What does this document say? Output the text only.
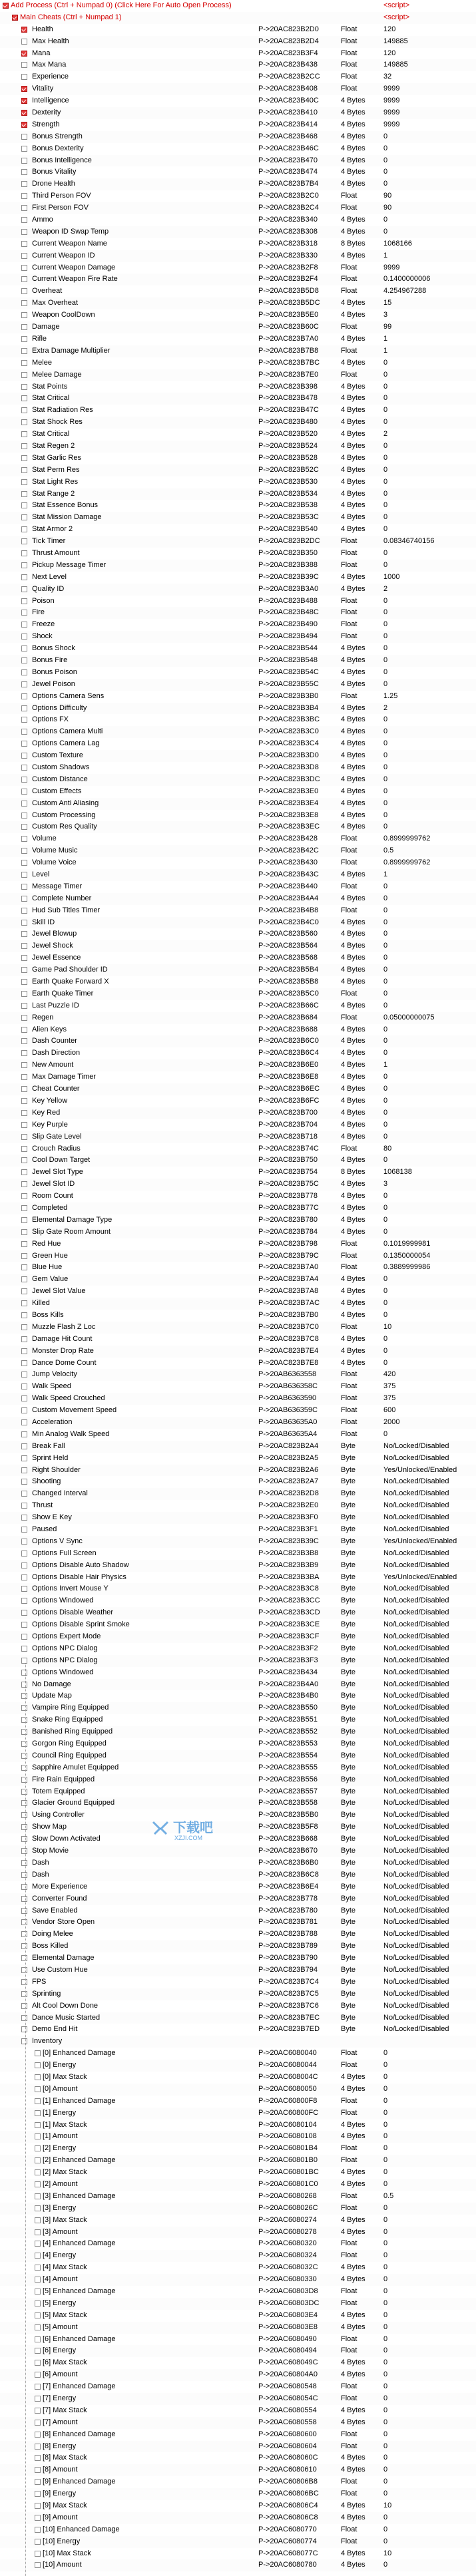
Add Process (Ctrl + Numpad 0) (Click Here For Auto Open Process)	<script>
Main Cheats (Ctrl + Numpad 1)	<script>
Health	P->20AC823B2D0	Float	120
Max Health	P->20AC823B2D4	Float	149885
Mana	P->20AC823B3F4	Float	120
Max Mana	P->20AC823B438	Float	149885
Experience	P->20AC823B2CC	Float	32
Vitality	P->20AC823B408	Float	9999
Intelligence	P->20AC823B40C	4 Bytes	9999
Dexterity	P->20AC823B410	4 Bytes	9999
Strength	P->20AC823B414	4 Bytes	9999
Bonus Strength	P->20AC823B468	4 Bytes	0
Bonus Dexterity	P->20AC823B46C	4 Bytes	0
Bonus Intelligence	P->20AC823B470	4 Bytes	0
Bonus Vitality	P->20AC823B474	4 Bytes	0
Drone Health	P->20AC823B7B4	4 Bytes	0
Third Person FOV	P->20AC823B2C0	Float	90
First Person FOV	P->20AC823B2C4	Float	90
Ammo	P->20AC823B340	4 Bytes	0
Weapon ID Swap Temp	P->20AC823B308	4 Bytes	0
Current Weapon Name	P->20AC823B318	8 Bytes	1068166
Current Weapon ID	P->20AC823B330	4 Bytes	1
Current Weapon Damage	P->20AC823B2F8	Float	9999
Current Weapon Fire Rate	P->20AC823B2F4	Float	0.1400000006
Overheat	P->20AC823B5D8	Float	4.254967288
Max Overheat	P->20AC823B5DC	4 Bytes	15
Weapon CoolDown	P->20AC823B5E0	4 Bytes	3
Damage	P->20AC823B60C	Float	99
Rifle	P->20AC823B7A0	4 Bytes	1
Extra Damage Multiplier	P->20AC823B7B8	Float	1
Melee	P->20AC823B7BC	4 Bytes	0
Melee Damage	P->20AC823B7E0	Float	0
Stat Points	P->20AC823B398	4 Bytes	0
Stat Critical	P->20AC823B478	4 Bytes	0
Stat Radiation Res	P->20AC823B47C	4 Bytes	0
Stat Shock Res	P->20AC823B480	4 Bytes	0
Stat Critical	P->20AC823B520	4 Bytes	2
Stat Regen 2	P->20AC823B524	4 Bytes	0
Stat Garlic Res	P->20AC823B528	4 Bytes	0
Stat Perm Res	P->20AC823B52C	4 Bytes	0
Stat Light Res	P->20AC823B530	4 Bytes	0
Stat Range 2	P->20AC823B534	4 Bytes	0
Stat Essence Bonus	P->20AC823B538	4 Bytes	0
Stat Mission Damage	P->20AC823B53C	4 Bytes	0
Stat Armor 2	P->20AC823B540	4 Bytes	0
Tick Timer	P->20AC823B2DC	Float	0.08346740156
Thrust Amount	P->20AC823B350	Float	0
Pickup Message Timer	P->20AC823B388	Float	0
Next Level	P->20AC823B39C	4 Bytes	1000
Quality ID	P->20AC823B3A0	4 Bytes	2
Poison	P->20AC823B488	Float	0
Fire	P->20AC823B48C	Float	0
Freeze	P->20AC823B490	Float	0
Shock	P->20AC823B494	Float	0
Bonus Shock	P->20AC823B544	4 Bytes	0
Bonus Fire	P->20AC823B548	4 Bytes	0
Bonus Poison	P->20AC823B54C	4 Bytes	0
Jewel Poison	P->20AC823B55C	4 Bytes	0
Options Camera Sens	P->20AC823B3B0	Float	1.25
Options Difficulty	P->20AC823B3B4	4 Bytes	2
Options FX	P->20AC823B3BC	4 Bytes	0
Options Camera Multi	P->20AC823B3C0	4 Bytes	0
Options Camera Lag	P->20AC823B3C4	4 Bytes	0
Custom Texture	P->20AC823B3D0	4 Bytes	0
Custom Shadows	P->20AC823B3D8	4 Bytes	0
Custom Distance	P->20AC823B3DC	4 Bytes	0
Custom Effects	P->20AC823B3E0	4 Bytes	0
Custom Anti Aliasing	P->20AC823B3E4	4 Bytes	0
Custom Processing	P->20AC823B3E8	4 Bytes	0
Custom Res Quality	P->20AC823B3EC	4 Bytes	0
Volume	P->20AC823B428	Float	0.8999999762
Volume Music	P->20AC823B42C	Float	0.5
Volume Voice	P->20AC823B430	Float	0.8999999762
Level	P->20AC823B43C	4 Bytes	1
Message Timer	P->20AC823B440	Float	0
Complete Number	P->20AC823B4A4	4 Bytes	0
Hud Sub Titles Timer	P->20AC823B4B8	Float	0
Skill ID	P->20AC823B4C0	4 Bytes	0
Jewel Blowup	P->20AC823B560	4 Bytes	0
Jewel Shock	P->20AC823B564	4 Bytes	0
Jewel Essence	P->20AC823B568	4 Bytes	0
Game Pad Shoulder ID	P->20AC823B5B4	4 Bytes	0
Earth Quake Forward X	P->20AC823B5B8	4 Bytes	0
Earth Quake Timer	P->20AC823B5C0	Float	0
Last Puzzle ID	P->20AC823B66C	4 Bytes	0
Regen	P->20AC823B684	Float	0.05000000075
Alien Keys	P->20AC823B688	4 Bytes	0
Dash Counter	P->20AC823B6C0	4 Bytes	0
Dash Direction	P->20AC823B6C4	4 Bytes	0
New Amount	P->20AC823B6E0	4 Bytes	1
Max Damage Timer	P->20AC823B6E8	4 Bytes	0
Cheat Counter	P->20AC823B6EC	4 Bytes	0
Key Yellow	P->20AC823B6FC	4 Bytes	0
Key Red	P->20AC823B700	4 Bytes	0
Key Purple	P->20AC823B704	4 Bytes	0
Slip Gate Level	P->20AC823B718	4 Bytes	0
Crouch Radius	P->20AC823B74C	Float	80
Cool Down Target	P->20AC823B750	4 Bytes	0
Jewel Slot Type	P->20AC823B754	8 Bytes	1068138
Jewel Slot ID	P->20AC823B75C	4 Bytes	3
Room Count	P->20AC823B778	4 Bytes	0
Completed	P->20AC823B77C	4 Bytes	0
Elemental Damage Type	P->20AC823B780	4 Bytes	0
Slip Gate Room Amount	P->20AC823B784	4 Bytes	0
Red Hue	P->20AC823B798	Float	0.1019999981
Green Hue	P->20AC823B79C	Float	0.1350000054
Blue Hue	P->20AC823B7A0	Float	0.3889999986
Gem Value	P->20AC823B7A4	4 Bytes	0
Jewel Slot Value	P->20AC823B7A8	4 Bytes	0
Killed	P->20AC823B7AC	4 Bytes	0
Boss Kills	P->20AC823B7B0	4 Bytes	0
Muzzle Flash Z Loc	P->20AC823B7C0	Float	10
Damage Hit Count	P->20AC823B7C8	4 Bytes	0
Monster Drop Rate	P->20AC823B7E4	4 Bytes	0
Dance Dome Count	P->20AC823B7E8	4 Bytes	0
Jump Velocity	P->20AB6363558	Float	420
Walk Speed	P->20AB636358C	Float	375
Walk Speed Crouched	P->20AB6363590	Float	375
Custom Movement Speed	P->20AB636359C	Float	600
Acceleration	P->20AB63635A0	Float	2000
Min Analog Walk Speed	P->20AB63635A4	Float	0
Break Fall	P->20AC823B2A4	Byte	No/Locked/Disabled
Sprint Held	P->20AC823B2A5	Byte	No/Locked/Disabled
Right Shoulder	P->20AC823B2A6	Byte	Yes/Unlocked/Enabled
Shooting	P->20AC823B2A7	Byte	No/Locked/Disabled
Changed Interval	P->20AC823B2D8	Byte	No/Locked/Disabled
Thrust	P->20AC823B2E0	Byte	No/Locked/Disabled
Show E Key	P->20AC823B3F0	Byte	No/Locked/Disabled
Paused	P->20AC823B3F1	Byte	No/Locked/Disabled
Options V Sync	P->20AC823B39C	Byte	Yes/Unlocked/Enabled
Options Full Screen	P->20AC823B3B8	Byte	No/Locked/Disabled
Options Disable Auto Shadow	P->20AC823B3B9	Byte	No/Locked/Disabled
Options Disable Hair Physics	P->20AC823B3BA	Byte	Yes/Unlocked/Enabled
Options Invert Mouse Y	P->20AC823B3C8	Byte	No/Locked/Disabled
Options Windowed	P->20AC823B3CC	Byte	No/Locked/Disabled
Options Disable Weather	P->20AC823B3CD	Byte	No/Locked/Disabled
Options Disable Sprint Smoke	P->20AC823B3CE	Byte	No/Locked/Disabled
Options Expert Mode	P->20AC823B3CF	Byte	No/Locked/Disabled
Options NPC Dialog	P->20AC823B3F2	Byte	No/Locked/Disabled
Options NPC Dialog	P->20AC823B3F3	Byte	No/Locked/Disabled
Options Windowed	P->20AC823B434	Byte	No/Locked/Disabled
No Damage	P->20AC823B4A0	Byte	No/Locked/Disabled
Update Map	P->20AC823B4B0	Byte	No/Locked/Disabled
Vampire Ring Equipped	P->20AC823B550	Byte	No/Locked/Disabled
Snake Ring Equipped	P->20AC823B551	Byte	No/Locked/Disabled
Banished Ring Equipped	P->20AC823B552	Byte	No/Locked/Disabled
Gorgon Ring Equipped	P->20AC823B553	Byte	No/Locked/Disabled
Council Ring Equipped	P->20AC823B554	Byte	No/Locked/Disabled
Sapphire Amulet Equipped	P->20AC823B555	Byte	No/Locked/Disabled
Fire Rain Equipped	P->20AC823B556	Byte	No/Locked/Disabled
Totem Equipped	P->20AC823B557	Byte	No/Locked/Disabled
Glacier Ground Equipped	P->20AC823B558	Byte	No/Locked/Disabled
Using Controller	P->20AC823B5B0	Byte	No/Locked/Disabled
Show Map	P->20AC823B5F8	Byte	No/Locked/Disabled
Slow Down Activated	P->20AC823B668	Byte	No/Locked/Disabled
Stop Movie	P->20AC823B670	Byte	No/Locked/Disabled
Dash	P->20AC823B6B0	Byte	No/Locked/Disabled
Dash	P->20AC823B6C8	Byte	No/Locked/Disabled
More Experience	P->20AC823B6E4	Byte	No/Locked/Disabled
Converter Found	P->20AC823B778	Byte	No/Locked/Disabled
Save Enabled	P->20AC823B780	Byte	No/Locked/Disabled
Vendor Store Open	P->20AC823B781	Byte	No/Locked/Disabled
Doing Melee	P->20AC823B788	Byte	No/Locked/Disabled
Boss Killed	P->20AC823B789	Byte	No/Locked/Disabled
Elemental Damage	P->20AC823B790	Byte	No/Locked/Disabled
Use Custom Hue	P->20AC823B794	Byte	No/Locked/Disabled
FPS	P->20AC823B7C4	Byte	No/Locked/Disabled
Sprinting	P->20AC823B7C5	Byte	No/Locked/Disabled
Alt Cool Down Done	P->20AC823B7C6	Byte	No/Locked/Disabled
Dance Music Started	P->20AC823B7EC	Byte	No/Locked/Disabled
Demo End Hit	P->20AC823B7ED	Byte	No/Locked/Disabled
Inventory
[0] Enhanced Damage	P->20AC6080040	Float	0
[0] Energy	P->20AC6080044	Float	0
[0] Max Stack	P->20AC608004C	4 Bytes	0
[0] Amount	P->20AC6080050	4 Bytes	0
[1] Enhanced Damage	P->20AC60800F8	Float	0
[1] Energy	P->20AC60800FC	Float	0
[1] Max Stack	P->20AC6080104	4 Bytes	0
[1] Amount	P->20AC6080108	4 Bytes	0
[2] Energy	P->20AC60801B4	Float	0
[2] Enhanced Damage	P->20AC60801B0	Float	0
[2] Max Stack	P->20AC60801BC	4 Bytes	0
[2] Amount	P->20AC60801C0	4 Bytes	0
[3] Enhanced Damage	P->20AC6080268	Float	0.5
[3] Energy	P->20AC608026C	Float	0
[3] Max Stack	P->20AC6080274	4 Bytes	0
[3] Amount	P->20AC6080278	4 Bytes	0
[4] Enhanced Damage	P->20AC6080320	Float	0
[4] Energy	P->20AC6080324	Float	0
[4] Max Stack	P->20AC608032C	4 Bytes	0
[4] Amount	P->20AC6080330	4 Bytes	0
[5] Enhanced Damage	P->20AC60803D8	Float	0
[5] Energy	P->20AC60803DC	Float	0
[5] Max Stack	P->20AC60803E4	4 Bytes	0
[5] Amount	P->20AC60803E8	4 Bytes	0
[6] Enhanced Damage	P->20AC6080490	Float	0
[6] Energy	P->20AC6080494	Float	0
[6] Max Stack	P->20AC608049C	4 Bytes	0
[6] Amount	P->20AC60804A0	4 Bytes	0
[7] Enhanced Damage	P->20AC6080548	Float	0
[7] Energy	P->20AC608054C	Float	0
[7] Max Stack	P->20AC6080554	4 Bytes	0
[7] Amount	P->20AC6080558	4 Bytes	0
[8] Enhanced Damage	P->20AC6080600	Float	0
[8] Energy	P->20AC6080604	Float	0
[8] Max Stack	P->20AC608060C	4 Bytes	0
[8] Amount	P->20AC6080610	4 Bytes	0
[9] Enhanced Damage	P->20AC60806B8	Float	0
[9] Energy	P->20AC60806BC	Float	0
[9] Max Stack	P->20AC60806C4	4 Bytes	10
[9] Amount	P->20AC60806C8	4 Bytes	0
[10] Enhanced Damage	P->20AC6080770	Float	0
[10] Energy	P->20AC6080774	Float	0
[10] Max Stack	P->20AC608077C	4 Bytes	10
[10] Amount	P->20AC6080780	4 Bytes	0
下载吧
XZJI.COM
